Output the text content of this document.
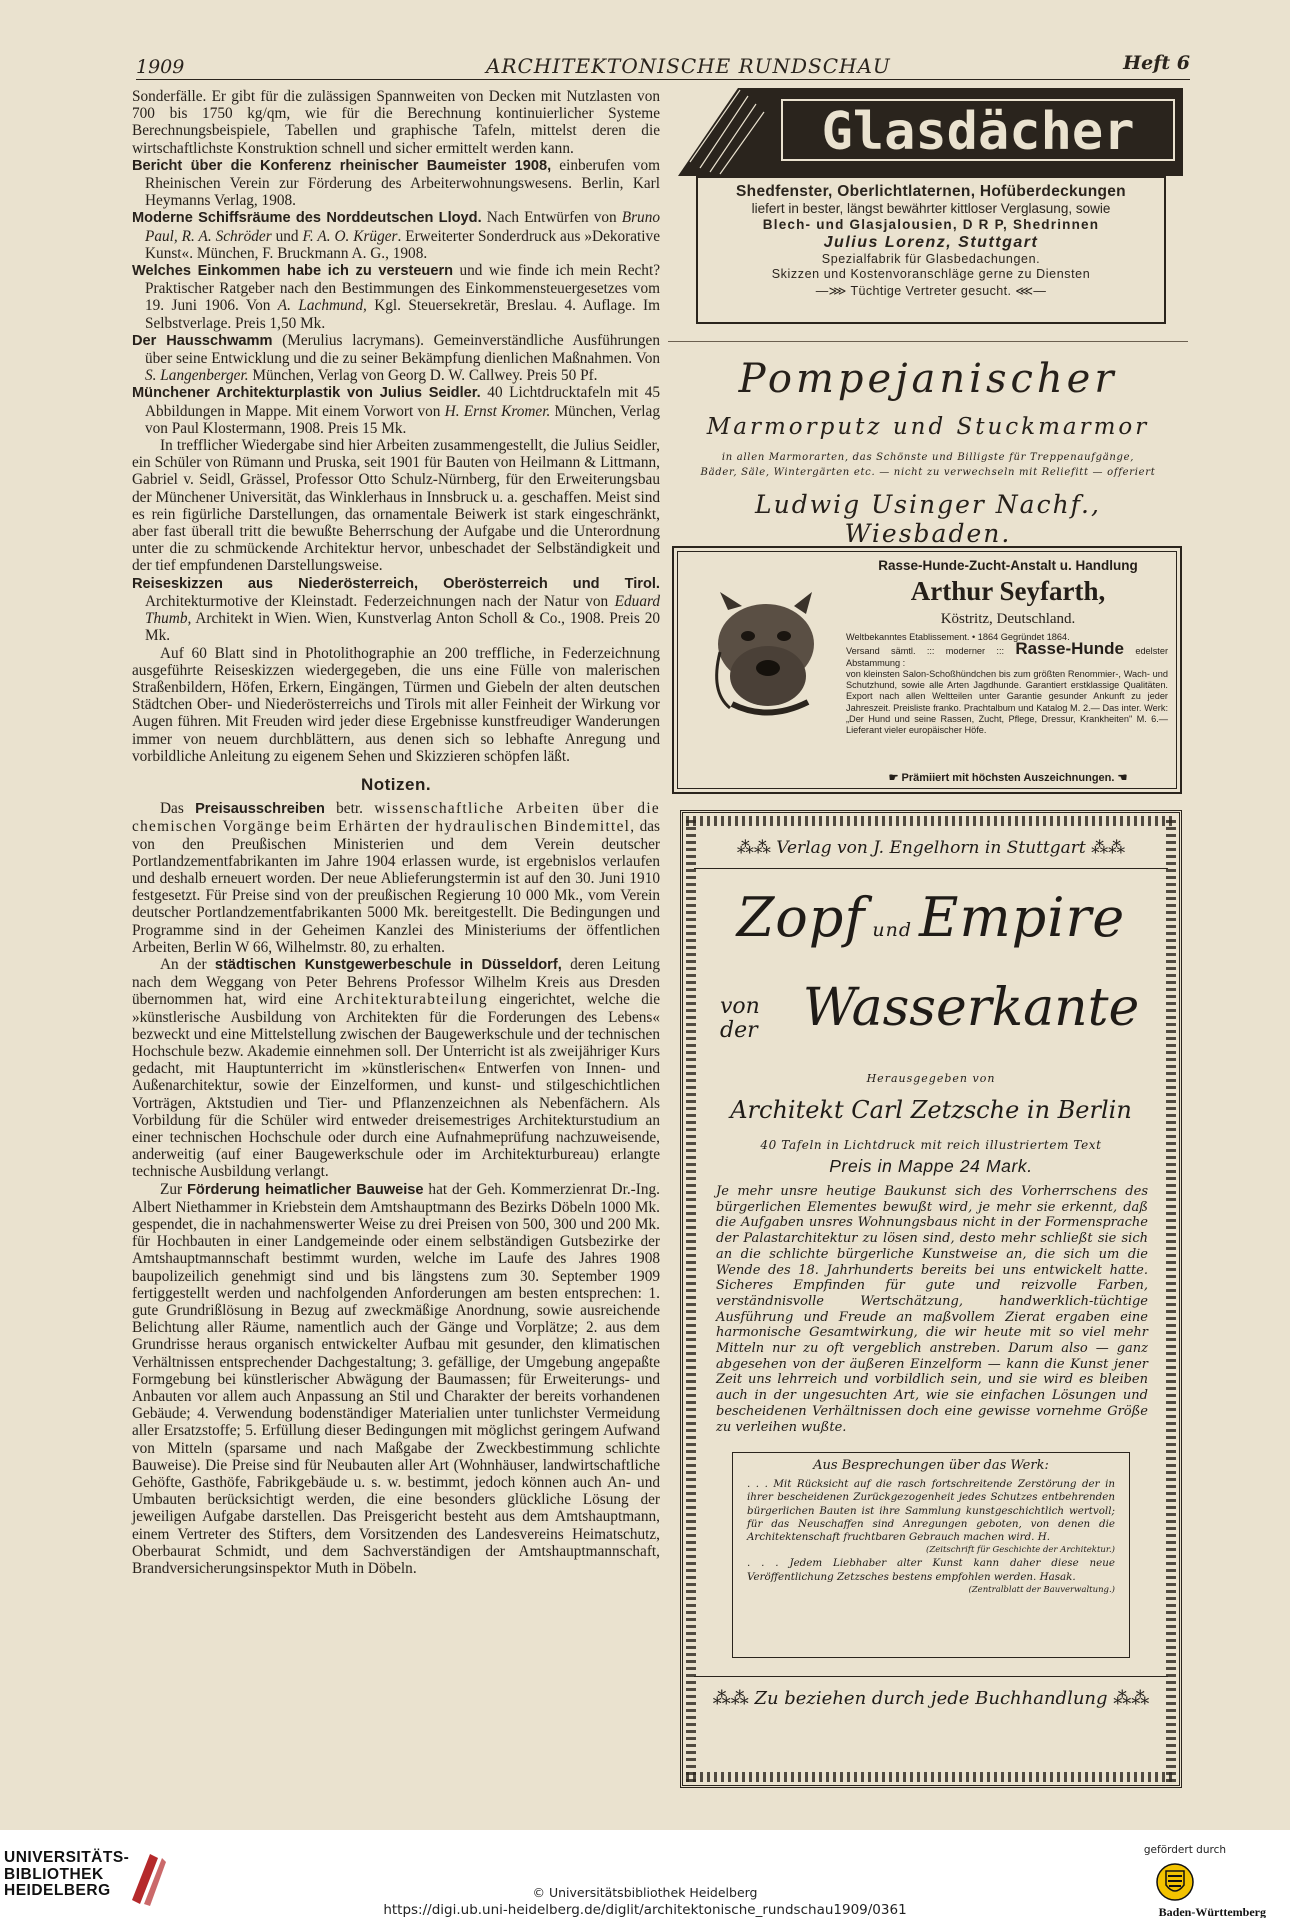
1909	ARCHITEKTONISCHE RUNDSCHAU	Heft 6

Sonderfälle. Er gibt für die zulässigen Spannweiten von Decken mit Nutzlasten von 700 bis 1750 kg/qm, wie für die Berechnung kontinuierlicher Systeme Berechnungsbeispiele, Tabellen und graphische Tafeln, mittelst deren die wirtschaftlichste Konstruktion schnell und sicher ermittelt werden kann.

Bericht über die Konferenz rheinischer Baumeister 1908, einberufen vom Rheinischen Verein zur Förderung des Arbeiterwohnungswesens. Berlin, Karl Heymanns Verlag, 1908.

Moderne Schiffsräume des Norddeutschen Lloyd. Nach Entwürfen von Bruno Paul, R. A. Schröder und F. A. O. Krüger. Erweiterter Sonderdruck aus »Dekorative Kunst«. München, F. Bruckmann A. G., 1908.

Welches Einkommen habe ich zu versteuern und wie finde ich mein Recht? Praktischer Ratgeber nach den Bestimmungen des Einkommensteuergesetzes vom 19. Juni 1906. Von A. Lachmund, Kgl. Steuersekretär, Breslau. 4. Auflage. Im Selbstverlage. Preis 1,50 Mk.

Der Hausschwamm (Merulius lacrymans). Gemeinverständliche Ausführungen über seine Entwicklung und die zu seiner Bekämpfung dienlichen Maßnahmen. Von S. Langenberger. München, Verlag von Georg D. W. Callwey. Preis 50 Pf.

Münchener Architekturplastik von Julius Seidler. 40 Lichtdrucktafeln mit 45 Abbildungen in Mappe. Mit einem Vorwort von H. Ernst Kromer. München, Verlag von Paul Klostermann, 1908. Preis 15 Mk.

In trefflicher Wiedergabe sind hier Arbeiten zusammengestellt, die Julius Seidler, ein Schüler von Rümann und Pruska, seit 1901 für Bauten von Heilmann & Littmann, Gabriel v. Seidl, Grässel, Professor Otto Schulz-Nürnberg, für den Erweiterungsbau der Münchener Universität, das Winklerhaus in Innsbruck u. a. geschaffen. Meist sind es rein figürliche Darstellungen, das ornamentale Beiwerk ist stark eingeschränkt, aber fast überall tritt die bewußte Beherrschung der Aufgabe und die Unterordnung unter die zu schmückende Architektur hervor, unbeschadet der Selbständigkeit und der tief empfundenen Darstellungsweise.

Reiseskizzen aus Niederösterreich, Oberösterreich und Tirol. Architekturmotive der Kleinstadt. Federzeichnungen nach der Natur von Eduard Thumb, Architekt in Wien. Wien, Kunstverlag Anton Scholl & Co., 1908. Preis 20 Mk.

Auf 60 Blatt sind in Photolithographie an 200 treffliche, in Federzeichnung ausgeführte Reiseskizzen wiedergegeben, die uns eine Fülle von malerischen Straßenbildern, Höfen, Erkern, Eingängen, Türmen und Giebeln der alten deutschen Städtchen Ober- und Niederösterreichs und Tirols mit aller Feinheit der Wirkung vor Augen führen. Mit Freuden wird jeder diese Ergebnisse kunstfreudiger Wanderungen immer von neuem durchblättern, aus denen sich so lebhafte Anregung und vorbildliche Anleitung zu eigenem Sehen und Skizzieren schöpfen läßt.

Notizen.

Das Preisausschreiben betr. wissenschaftliche Arbeiten über die chemischen Vorgänge beim Erhärten der hydraulischen Bindemittel, das von den Preußischen Ministerien und dem Verein deutscher Portlandzementfabrikanten im Jahre 1904 erlassen wurde, ist ergebnislos verlaufen und deshalb erneuert worden. Der neue Ablieferungstermin ist auf den 30. Juni 1910 festgesetzt. Für Preise sind von der preußischen Regierung 10 000 Mk., vom Verein deutscher Portlandzementfabrikanten 5000 Mk. bereitgestellt. Die Bedingungen und Programme sind in der Geheimen Kanzlei des Ministeriums der öffentlichen Arbeiten, Berlin W 66, Wilhelmstr. 80, zu erhalten.

An der städtischen Kunstgewerbeschule in Düsseldorf, deren Leitung nach dem Weggang von Peter Behrens Professor Wilhelm Kreis aus Dresden übernommen hat, wird eine Architekturabteilung eingerichtet, welche die »künstlerische Ausbildung von Architekten für die Forderungen des Lebens« bezweckt und eine Mittelstellung zwischen der Baugewerkschule und der technischen Hochschule bezw. Akademie einnehmen soll. Der Unterricht ist als zweijähriger Kurs gedacht, mit Hauptunterricht im »künstlerischen« Entwerfen von Innen- und Außenarchitektur, sowie der Einzelformen, und kunst- und stilgeschichtlichen Vorträgen, Aktstudien und Tier- und Pflanzenzeichnen als Nebenfächern. Als Vorbildung für die Schüler wird entweder dreisemestriges Architekturstudium an einer technischen Hochschule oder durch eine Aufnahmeprüfung nachzuweisende, anderweitig (auf einer Baugewerkschule oder im Architekturbureau) erlangte technische Ausbildung verlangt.

Zur Förderung heimatlicher Bauweise hat der Geh. Kommerzienrat Dr.-Ing. Albert Niethammer in Kriebstein dem Amtshauptmann des Bezirks Döbeln 1000 Mk. gespendet, die in nachahmenswerter Weise zu drei Preisen von 500, 300 und 200 Mk. für Hochbauten in einer Landgemeinde oder einem selbständigen Gutsbezirke der Amtshauptmannschaft bestimmt wurden, welche im Laufe des Jahres 1908 baupolizeilich genehmigt sind und bis längstens zum 30. September 1909 fertiggestellt werden und nachfolgenden Anforderungen am besten entsprechen: 1. gute Grundrißlösung in Bezug auf zweckmäßige Anordnung, sowie ausreichende Belichtung aller Räume, namentlich auch der Gänge und Vorplätze; 2. aus dem Grundrisse heraus organisch entwickelter Aufbau mit gesunder, den klimatischen Verhältnissen entsprechender Dachgestaltung; 3. gefällige, der Umgebung angepaßte Formgebung bei künstlerischer Abwägung der Baumassen; für Erweiterungs- und Anbauten vor allem auch Anpassung an Stil und Charakter der bereits vorhandenen Gebäude; 4. Verwendung bodenständiger Materialien unter tunlichster Vermeidung aller Ersatzstoffe; 5. Erfüllung dieser Bedingungen mit möglichst geringem Aufwand von Mitteln (sparsame und nach Maßgabe der Zweckbestimmung schlichte Bauweise). Die Preise sind für Neubauten aller Art (Wohnhäuser, landwirtschaftliche Gehöfte, Gasthöfe, Fabrikgebäude u. s. w. bestimmt, jedoch können auch An- und Umbauten berücksichtigt werden, die eine besonders glückliche Lösung der jeweiligen Aufgabe darstellen. Das Preisgericht besteht aus dem Amtshauptmann, einem Vertreter des Stifters, dem Vorsitzenden des Landesvereins Heimatschutz, Oberbaurat Schmidt, und dem Sachverständigen der Amtshauptmannschaft, Brandversicherungsinspektor Muth in Döbeln.

Glasdächer
Shedfenster, Oberlichtlaternen, Hofüberdeckungen
liefert in bester, längst bewährter kittloser Verglasung, sowie
Blech- und Glasjalousien, D R P, Shedrinnen
Julius Lorenz, Stuttgart
Spezialfabrik für Glasbedachungen.
Skizzen und Kostenvoranschläge gerne zu Diensten
—⋙ Tüchtige Vertreter gesucht. ⋘—
Pompejanischer
Marmorputz und Stuckmarmor
in allen Marmorarten, das Schönste und Billigste für Treppenaufgänge,
Bäder, Säle, Wintergärten etc. — nicht zu verwechseln mit Reliefitt — offeriert
Ludwig Usinger Nachf., Wiesbaden.
Rasse-Hunde-Zucht-Anstalt u. Handlung
Arthur Seyfarth,
Köstritz, Deutschland.
Weltbekanntes Etablissement. • 1864 Gegründet 1864.
Versand sämtl. ::: moderner ::: Rasse-Hunde edelster Abstammung :
von kleinsten Salon-Schoßhündchen bis zum größten Renommier-, Wach- und Schutzhund, sowie alle Arten Jagdhunde. Garantiert erstklassige Qualitäten. Export nach allen Weltteilen unter Garantie gesunder Ankunft zu jeder Jahreszeit. Preisliste franko. Prachtalbum und Katalog M. 2.— Das inter. Werk: „Der Hund und seine Rassen, Zucht, Pflege, Dressur, Krankheiten" M. 6.— Lieferant vieler europäischer Höfe.
☛ Prämiiert mit höchsten Auszeichnungen. ☚
⁂⁂ Verlag von J. Engelhorn in Stuttgart ⁂⁂
Zopf und Empire
von
der Wasserkante
Herausgegeben von
Architekt Carl Zetzsche in Berlin
40 Tafeln in Lichtdruck mit reich illustriertem Text
Preis in Mappe 24 Mark.
Je mehr unsre heutige Baukunst sich des Vorherrschens des bürgerlichen Elementes bewußt wird, je mehr sie erkennt, daß die Aufgaben unsres Wohnungsbaus nicht in der Formensprache der Palastarchitektur zu lösen sind, desto mehr schließt sie sich an die schlichte bürgerliche Kunstweise an, die sich um die Wende des 18. Jahrhunderts bereits bei uns entwickelt hatte. Sicheres Empfinden für gute und reizvolle Farben, verständnisvolle Wertschätzung, handwerklich-tüchtige Ausführung und Freude an maßvollem Zierat ergaben eine harmonische Gesamtwirkung, die wir heute mit so viel mehr Mitteln nur zu oft vergeblich anstreben. Darum also — ganz abgesehen von der äußeren Einzelform — kann die Kunst jener Zeit uns lehrreich und vorbildlich sein, und sie wird es bleiben auch in der ungesuchten Art, wie sie einfachen Lösungen und bescheidenen Verhältnissen doch eine gewisse vornehme Größe zu verleihen wußte.
Aus Besprechungen über das Werk:
. . . Mit Rücksicht auf die rasch fortschreitende Zerstörung der in ihrer bescheidenen Zurückgezogenheit jedes Schutzes entbehrenden bürgerlichen Bauten ist ihre Sammlung kunstgeschichtlich wertvoll; für das Neuschaffen sind Anregungen geboten, von denen die Architektenschaft fruchtbaren Gebrauch machen wird. H.
(Zeitschrift für Geschichte der Architektur.)
. . . Jedem Liebhaber alter Kunst kann daher diese neue Veröffentlichung Zetzsches bestens empfohlen werden. Hasak.
(Zentralblatt der Bauverwaltung.)
⁂⁂ Zu beziehen durch jede Buchhandlung ⁂⁂
UNIVERSITÄTS-
BIBLIOTHEK
HEIDELBERG	© Universitätsbibliothek Heidelberg
https://digi.ub.uni-heidelberg.de/diglit/architektonische_rundschau1909/0361
gefördert durch
Baden-Württemberg
